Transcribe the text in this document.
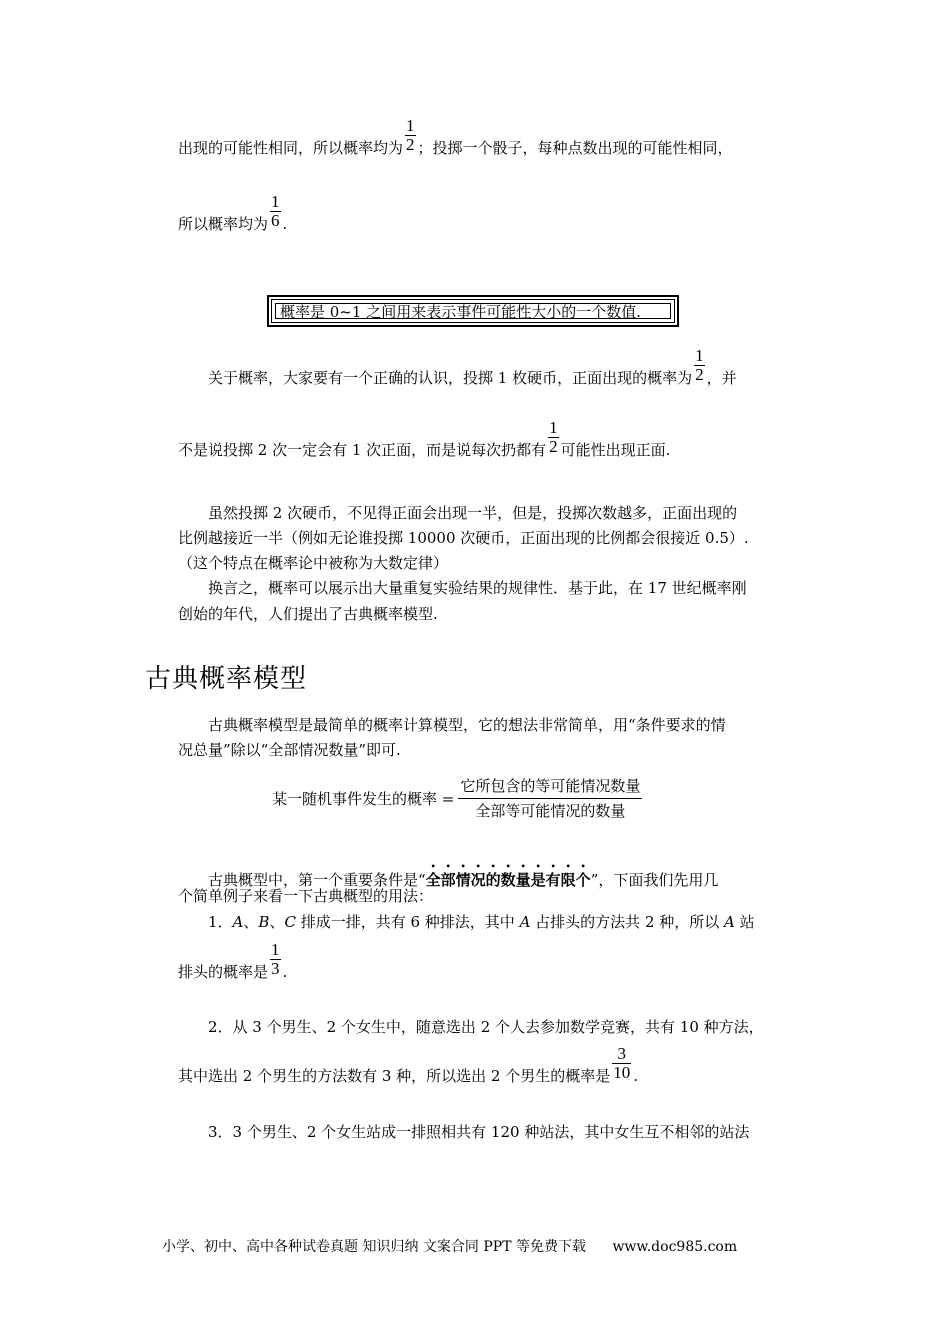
出现的可能性相同，所以概率均为 $\frac{1}{2}$ ；投掷一个骰子，每种点数出现的可能性相同，
所以概率均为 $\frac{1}{6}$ .
概率是 0~1 之间用来表示事件可能性大小的一个数值.
关于概率，大家要有一个正确的认识，投掷 1 枚硬币，正面出现的概率为 $\frac{1}{2}$ ，并
不是说投掷 2 次一定会有 1 次正面，而是说每次扔都有 $\frac{1}{2}$ 可能性出现正面.
虽然投掷 2 次硬币，不见得正面会出现一半，但是，投掷次数越多，正面出现的
比例越接近一半（例如无论谁投掷 10000 次硬币，正面出现的比例都会很接近 0.5）.
（这个特点在概率论中被称为大数定律）
换言之，概率可以展示出大量重复实验结果的规律性．基于此，在 17 世纪概率刚
创始的年代，人们提出了古典概率模型.
古典概率模型
古典概率模型是最简单的概率计算模型，它的想法非常简单，用“条件要求的情
况总量”除以“全部情况数量”即可.
某一随机事件发生的概率 = $\frac{\text{它所包含的等可能情况数量}}{\text{全部等可能情况的数量}}$
古典概型中，第一个重要条件是“全部情况的数量是有限个”，下面我们先用几
个简单例子来看一下古典概型的用法：
1．A、B、C 排成一排，共有 6 种排法，其中 A 占排头的方法共 2 种，所以 A 站
排头的概率是 $\frac{1}{3}$ .
2．从 3 个男生、2 个女生中，随意选出 2 个人去参加数学竞赛，共有 10 种方法，
其中选出 2 个男生的方法数有 3 种，所以选出 2 个男生的概率是 $\frac{3}{10}$ .
3．3 个男生、2 个女生站成一排照相共有 120 种站法，其中女生互不相邻的站法
小学、初中、高中各种试卷真题 知识归纳 文案合同 PPT 等免费下载 www.doc985.com
